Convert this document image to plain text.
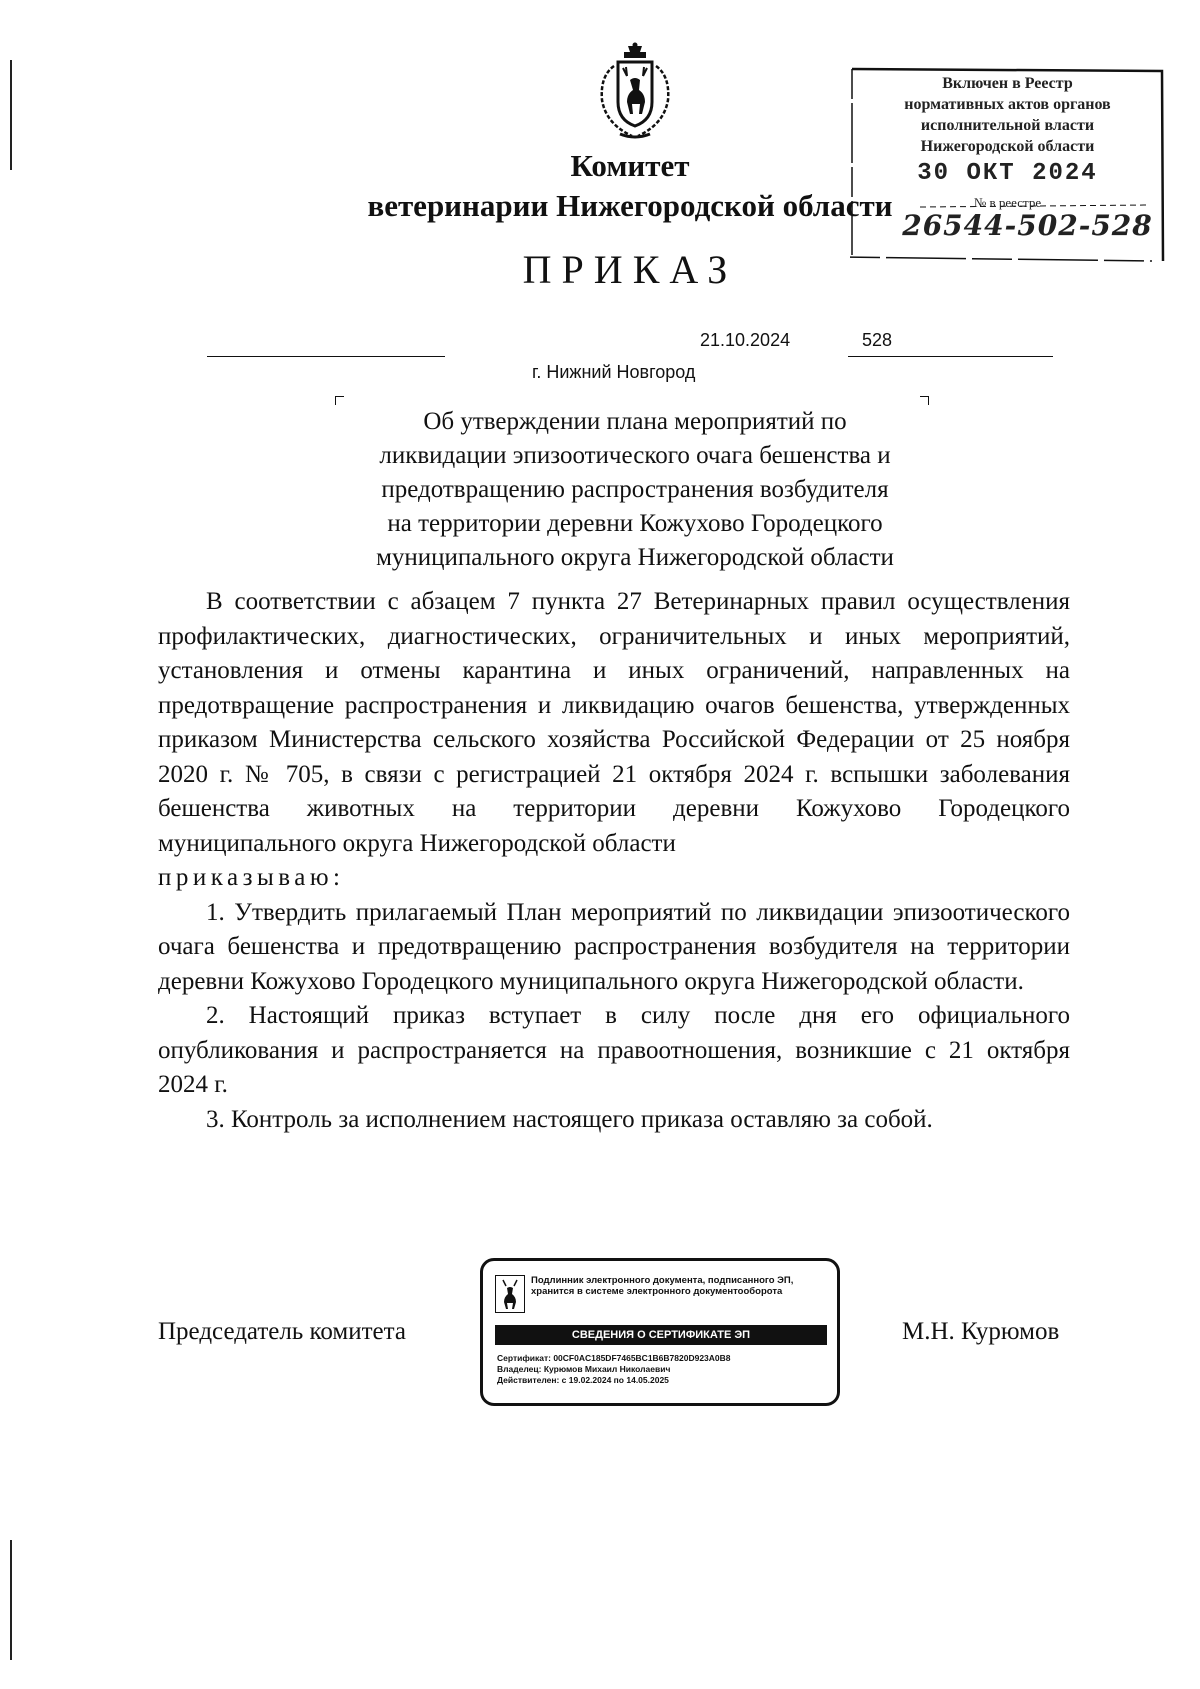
Комитет
ветеринарии Нижегородской области
ПРИКАЗ
Включен в Реестр
нормативных актов органов
исполнительной власти
Нижегородской области
30 ОКТ 2024
№ в реестре
26544-502-528
21.10.2024	528
г. Нижний Новгород
Об утверждении плана мероприятий по
ликвидации эпизоотического очага бешенства и
предотвращению распространения возбудителя
на территории деревни Кожухово Городецкого
муниципального округа Нижегородской области

В соответствии с абзацем 7 пункта 27 Ветеринарных правил осуществления профилактических, диагностических, ограничительных и иных мероприятий, установления и отмены карантина и иных ограничений, направленных на предотвращение распространения и ликвидацию очагов бешенства, утвержденных приказом Министерства сельского хозяйства Российской Федерации от 25 ноября 2020 г. № 705, в связи с регистрацией 21 октября 2024 г. вспышки заболевания бешенства животных на территории деревни Кожухово Городецкого муниципального округа Нижегородской области

приказываю:

1. Утвердить прилагаемый План мероприятий по ликвидации эпизоотического очага бешенства и предотвращению распространения возбудителя на территории деревни Кожухово Городецкого муниципального округа Нижегородской области.

2. Настоящий приказ вступает в силу после дня его официального опубликования и распространяется на правоотношения, возникшие с 21 октября 2024 г.

3. Контроль за исполнением настоящего приказа оставляю за собой.

Председатель комитета	М.Н. Курюмов
Подлинник электронного документа, подписанного ЭП,
хранится в системе электронного документооборота
СВЕДЕНИЯ О СЕРТИФИКАТЕ ЭП
Сертификат: 00CF0AC185DF7465BC1B6B7820D923A0B8
Владелец: Курюмов Михаил Николаевич
Действителен: с 19.02.2024 по 14.05.2025
